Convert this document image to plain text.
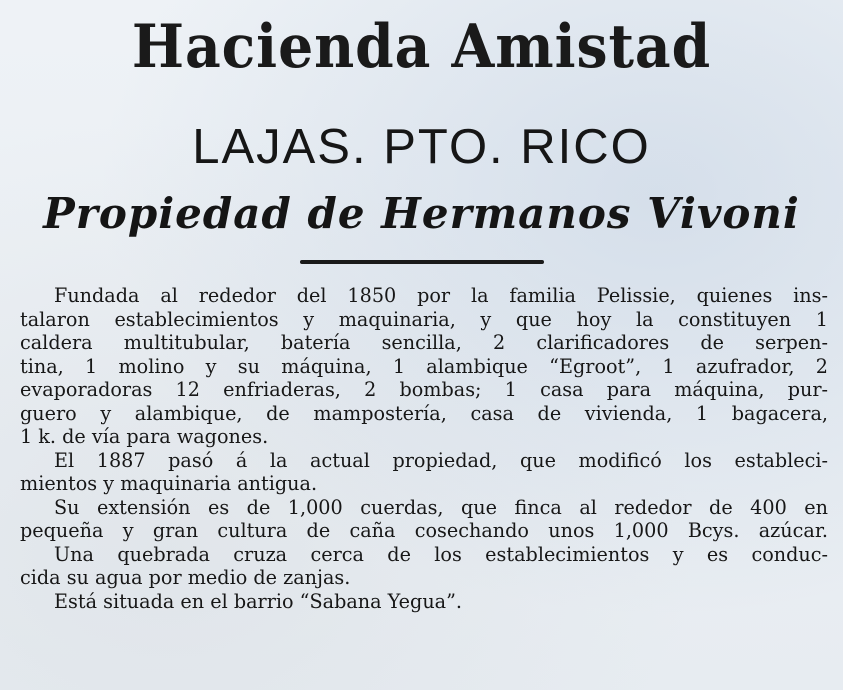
Hacienda Amistad
LAJAS. PTO. RICO
Propiedad de Hermanos Vivoni
Fundada al rededor del 1850 por la familia Pelissie, quienes ins-
talaron establecimientos y maquinaria, y que hoy la constituyen 1
caldera multitubular, batería sencilla, 2 clarificadores de serpen-
tina, 1 molino y su máquina, 1 alambique “Egroot”, 1 azufrador, 2
evaporadoras 12 enfriaderas, 2 bombas; 1 casa para máquina, pur-
guero y alambique, de mampostería, casa de vivienda, 1 bagacera,
1 k. de vía para wagones.
El 1887 pasó á la actual propiedad, que modificó los estableci-
mientos y maquinaria antigua.
Su extensión es de 1,000 cuerdas, que finca al rededor de 400 en
pequeña y gran cultura de caña cosechando unos 1,000 Bcys. azúcar.
Una quebrada cruza cerca de los establecimientos y es conduc-
cida su agua por medio de zanjas.
Está situada en el barrio “Sabana Yegua”.
